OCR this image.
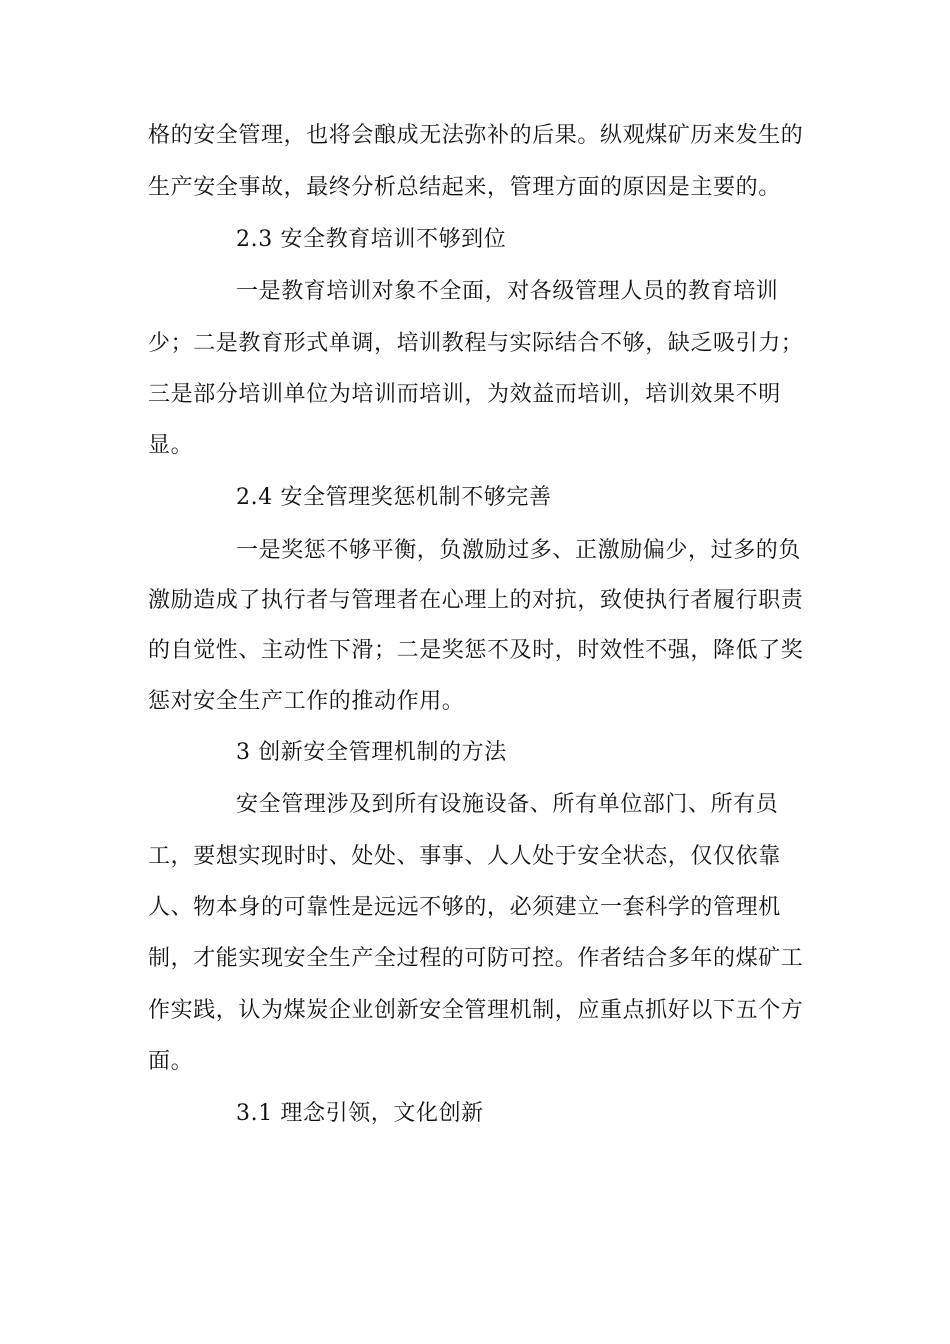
格的安全管理，也将会酿成无法弥补的后果。纵观煤矿历来发生的
生产安全事故，最终分析总结起来，管理方面的原因是主要的。
2.3 安全教育培训不够到位
一是教育培训对象不全面，对各级管理人员的教育培训
少；二是教育形式单调，培训教程与实际结合不够，缺乏吸引力；
三是部分培训单位为培训而培训，为效益而培训，培训效果不明
显。
2.4 安全管理奖惩机制不够完善
一是奖惩不够平衡，负激励过多、正激励偏少，过多的负
激励造成了执行者与管理者在心理上的对抗，致使执行者履行职责
的自觉性、主动性下滑；二是奖惩不及时，时效性不强，降低了奖
惩对安全生产工作的推动作用。
3 创新安全管理机制的方法
安全管理涉及到所有设施设备、所有单位部门、所有员
工，要想实现时时、处处、事事、人人处于安全状态，仅仅依靠
人、物本身的可靠性是远远不够的，必须建立一套科学的管理机
制，才能实现安全生产全过程的可防可控。作者结合多年的煤矿工
作实践，认为煤炭企业创新安全管理机制，应重点抓好以下五个方
面。
3.1 理念引领，文化创新
